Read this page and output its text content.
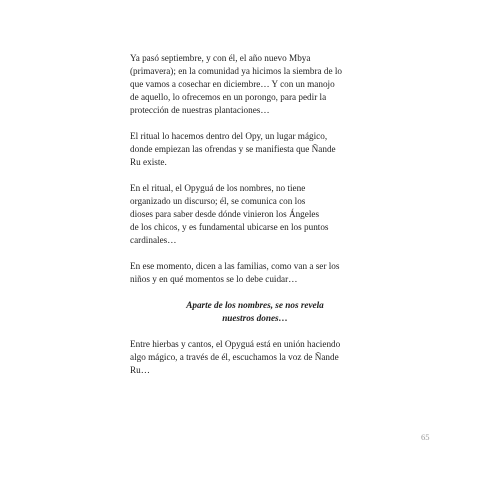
Ya pasó septiembre, y con él, el año nuevo Mbya
(primavera); en la comunidad ya hicimos la siembra de lo
que vamos a cosechar en diciembre… Y con un manojo
de aquello, lo ofrecemos en un porongo, para pedir la
protección de nuestras plantaciones…

El ritual lo hacemos dentro del Opy, un lugar mágico,
donde empiezan las ofrendas y se manifiesta que Ñande
Ru existe.

En el ritual, el Opyguá de los nombres, no tiene
organizado un discurso; él, se comunica con los
dioses para saber desde dónde vinieron los Ángeles
de los chicos, y es fundamental ubicarse en los puntos
cardinales…

En ese momento, dicen a las familias, como van a ser los
niños y en qué momentos se lo debe cuidar…

Aparte de los nombres, se nos revela
nuestros dones…

Entre hierbas y cantos, el Opyguá está en unión haciendo
algo mágico, a través de él, escuchamos la voz de Ñande
Ru…

65
